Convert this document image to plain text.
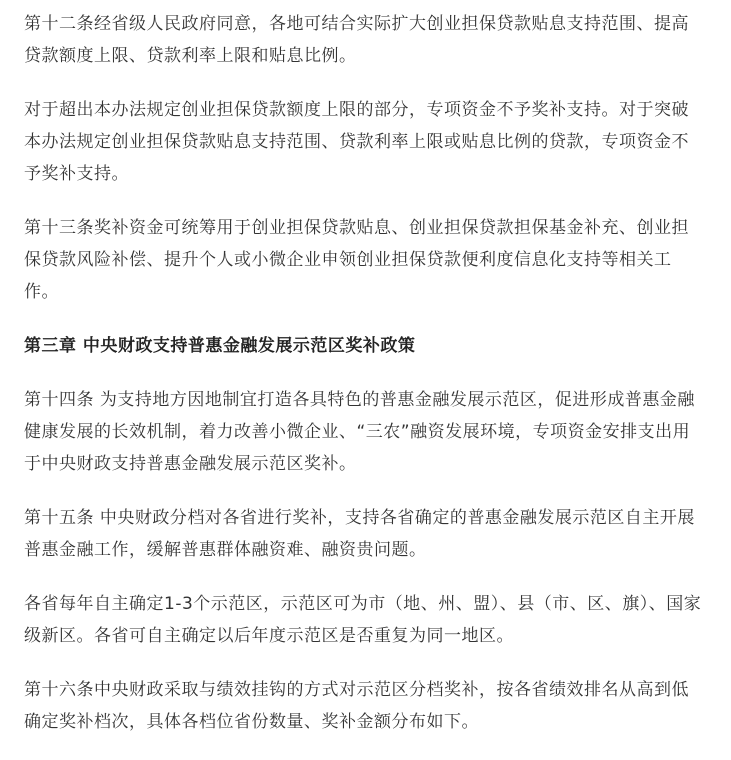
第十二条经省级人民政府同意，各地可结合实际扩大创业担保贷款贴息支持范围、提高贷款额度上限、贷款利率上限和贴息比例。

对于超出本办法规定创业担保贷款额度上限的部分，专项资金不予奖补支持。对于突破本办法规定创业担保贷款贴息支持范围、贷款利率上限或贴息比例的贷款，专项资金不予奖补支持。

第十三条奖补资金可统筹用于创业担保贷款贴息、创业担保贷款担保基金补充、创业担保贷款风险补偿、提升个人或小微企业申领创业担保贷款便利度信息化支持等相关工作。

第三章 中央财政支持普惠金融发展示范区奖补政策

第十四条 为支持地方因地制宜打造各具特色的普惠金融发展示范区，促进形成普惠金融健康发展的长效机制，着力改善小微企业、“三农”融资发展环境，专项资金安排支出用于中央财政支持普惠金融发展示范区奖补。

第十五条 中央财政分档对各省进行奖补，支持各省确定的普惠金融发展示范区自主开展普惠金融工作，缓解普惠群体融资难、融资贵问题。

各省每年自主确定1-3个示范区，示范区可为市（地、州、盟）、县（市、区、旗）、国家级新区。各省可自主确定以后年度示范区是否重复为同一地区。

第十六条中央财政采取与绩效挂钩的方式对示范区分档奖补，按各省绩效排名从高到低确定奖补档次，具体各档位省份数量、奖补金额分布如下。
